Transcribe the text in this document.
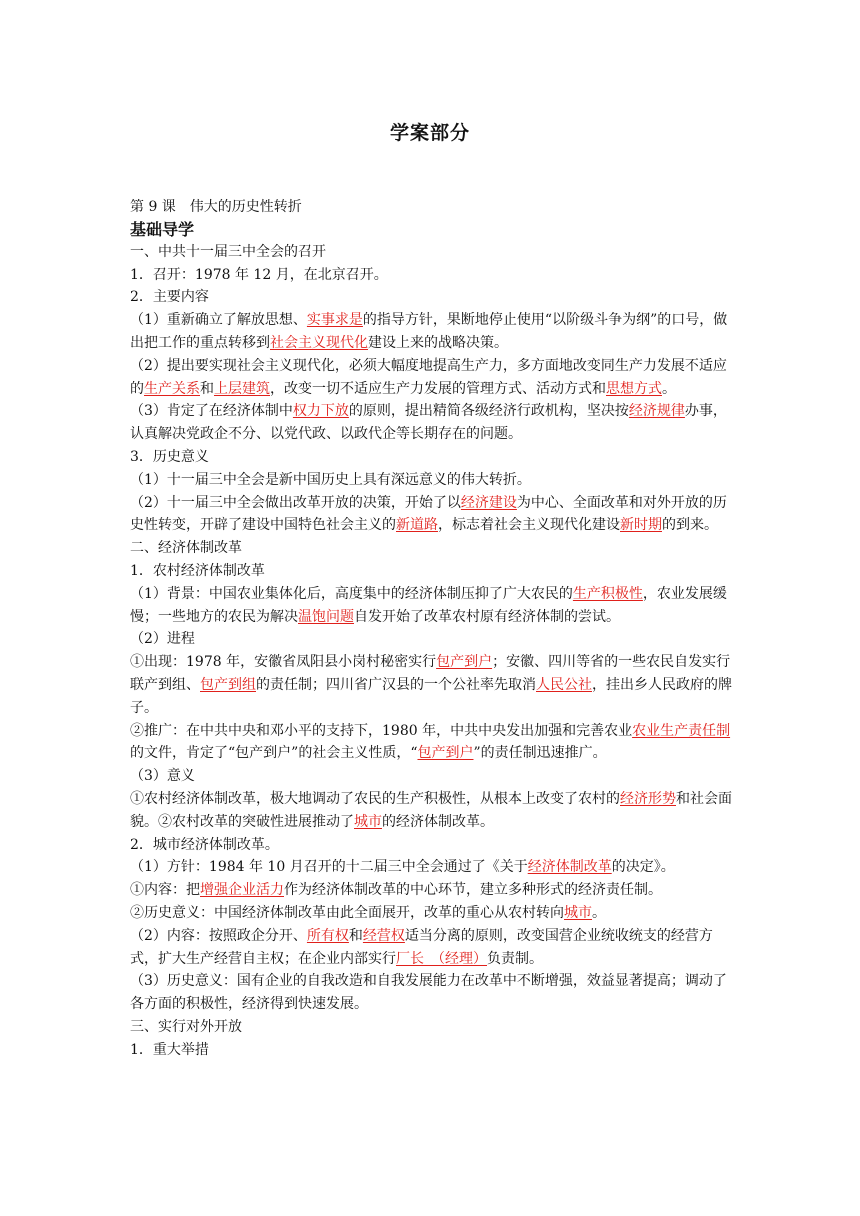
学案部分

第 9 课　伟大的历史性转折

基础导学

一、中共十一届三中全会的召开

1．召开：1978 年 12 月，在北京召开。

2．主要内容

（1）重新确立了解放思想、实事求是的指导方针，果断地停止使用“以阶级斗争为纲”的口号，做出把工作的重点转移到社会主义现代化建设上来的战略决策。

（2）提出要实现社会主义现代化，必须大幅度地提高生产力，多方面地改变同生产力发展不适应的生产关系和上层建筑，改变一切不适应生产力发展的管理方式、活动方式和思想方式。

（3）肯定了在经济体制中权力下放的原则，提出精简各级经济行政机构，坚决按经济规律办事，认真解决党政企不分、以党代政、以政代企等长期存在的问题。

3．历史意义

（1）十一届三中全会是新中国历史上具有深远意义的伟大转折。

（2）十一届三中全会做出改革开放的决策，开始了以经济建设为中心、全面改革和对外开放的历史性转变，开辟了建设中国特色社会主义的新道路，标志着社会主义现代化建设新时期的到来。

二、经济体制改革

1．农村经济体制改革

（1）背景：中国农业集体化后，高度集中的经济体制压抑了广大农民的生产积极性，农业发展缓慢；一些地方的农民为解决温饱问题自发开始了改革农村原有经济体制的尝试。

（2）进程

①出现：1978 年，安徽省凤阳县小岗村秘密实行包产到户；安徽、四川等省的一些农民自发实行联产到组、包产到组的责任制；四川省广汉县的一个公社率先取消人民公社，挂出乡人民政府的牌子。

②推广：在中共中央和邓小平的支持下，1980 年，中共中央发出加强和完善农业农业生产责任制的文件，肯定了“包产到户”的社会主义性质，“包产到户”的责任制迅速推广。

（3）意义

①农村经济体制改革，极大地调动了农民的生产积极性，从根本上改变了农村的经济形势和社会面貌。②农村改革的突破性进展推动了城市的经济体制改革。

2．城市经济体制改革。

（1）方针：1984 年 10 月召开的十二届三中全会通过了《关于经济体制改革的决定》。

①内容：把增强企业活力作为经济体制改革的中心环节，建立多种形式的经济责任制。

②历史意义：中国经济体制改革由此全面展开，改革的重心从农村转向城市。

（2）内容：按照政企分开、所有权和经营权适当分离的原则，改变国营企业统收统支的经营方式，扩大生产经营自主权；在企业内部实行厂长　（经理）负责制。

（3）历史意义：国有企业的自我改造和自我发展能力在改革中不断增强，效益显著提高；调动了各方面的积极性，经济得到快速发展。

三、实行对外开放

1．重大举措
